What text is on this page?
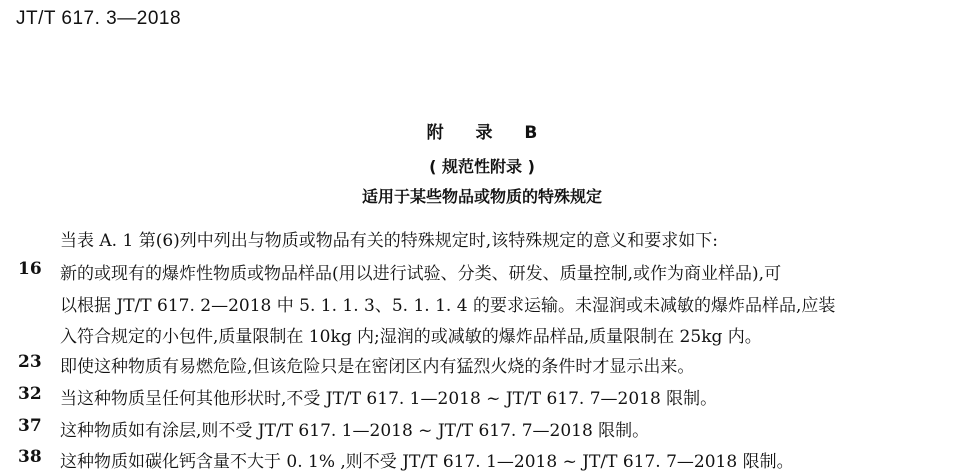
JT/T 617. 3—2018
附  录  B
( 规范性附录 )
适用于某些物品或物质的特殊规定
当表 A. 1 第(6)列中列出与物质或物品有关的特殊规定时,该特殊规定的意义和要求如下:
16 新的或现有的爆炸性物质或物品样品(用以进行试验、分类、研发、质量控制,或作为商业样品),可
以根据 JT/T 617. 2—2018 中 5. 1. 1. 3、5. 1. 1. 4 的要求运输。未湿润或未减敏的爆炸品样品,应装
入符合规定的小包件,质量限制在 10kg 内;湿润的或减敏的爆炸品样品,质量限制在 25kg 内。
23 即使这种物质有易燃危险,但该危险只是在密闭区内有猛烈火烧的条件时才显示出来。
32 当这种物质呈任何其他形状时,不受 JT/T 617. 1—2018 ~ JT/T 617. 7—2018 限制。
37 这种物质如有涂层,则不受 JT/T 617. 1—2018 ~ JT/T 617. 7—2018 限制。
38 这种物质如碳化钙含量不大于 0. 1% ,则不受 JT/T 617. 1—2018 ~ JT/T 617. 7—2018 限制。
